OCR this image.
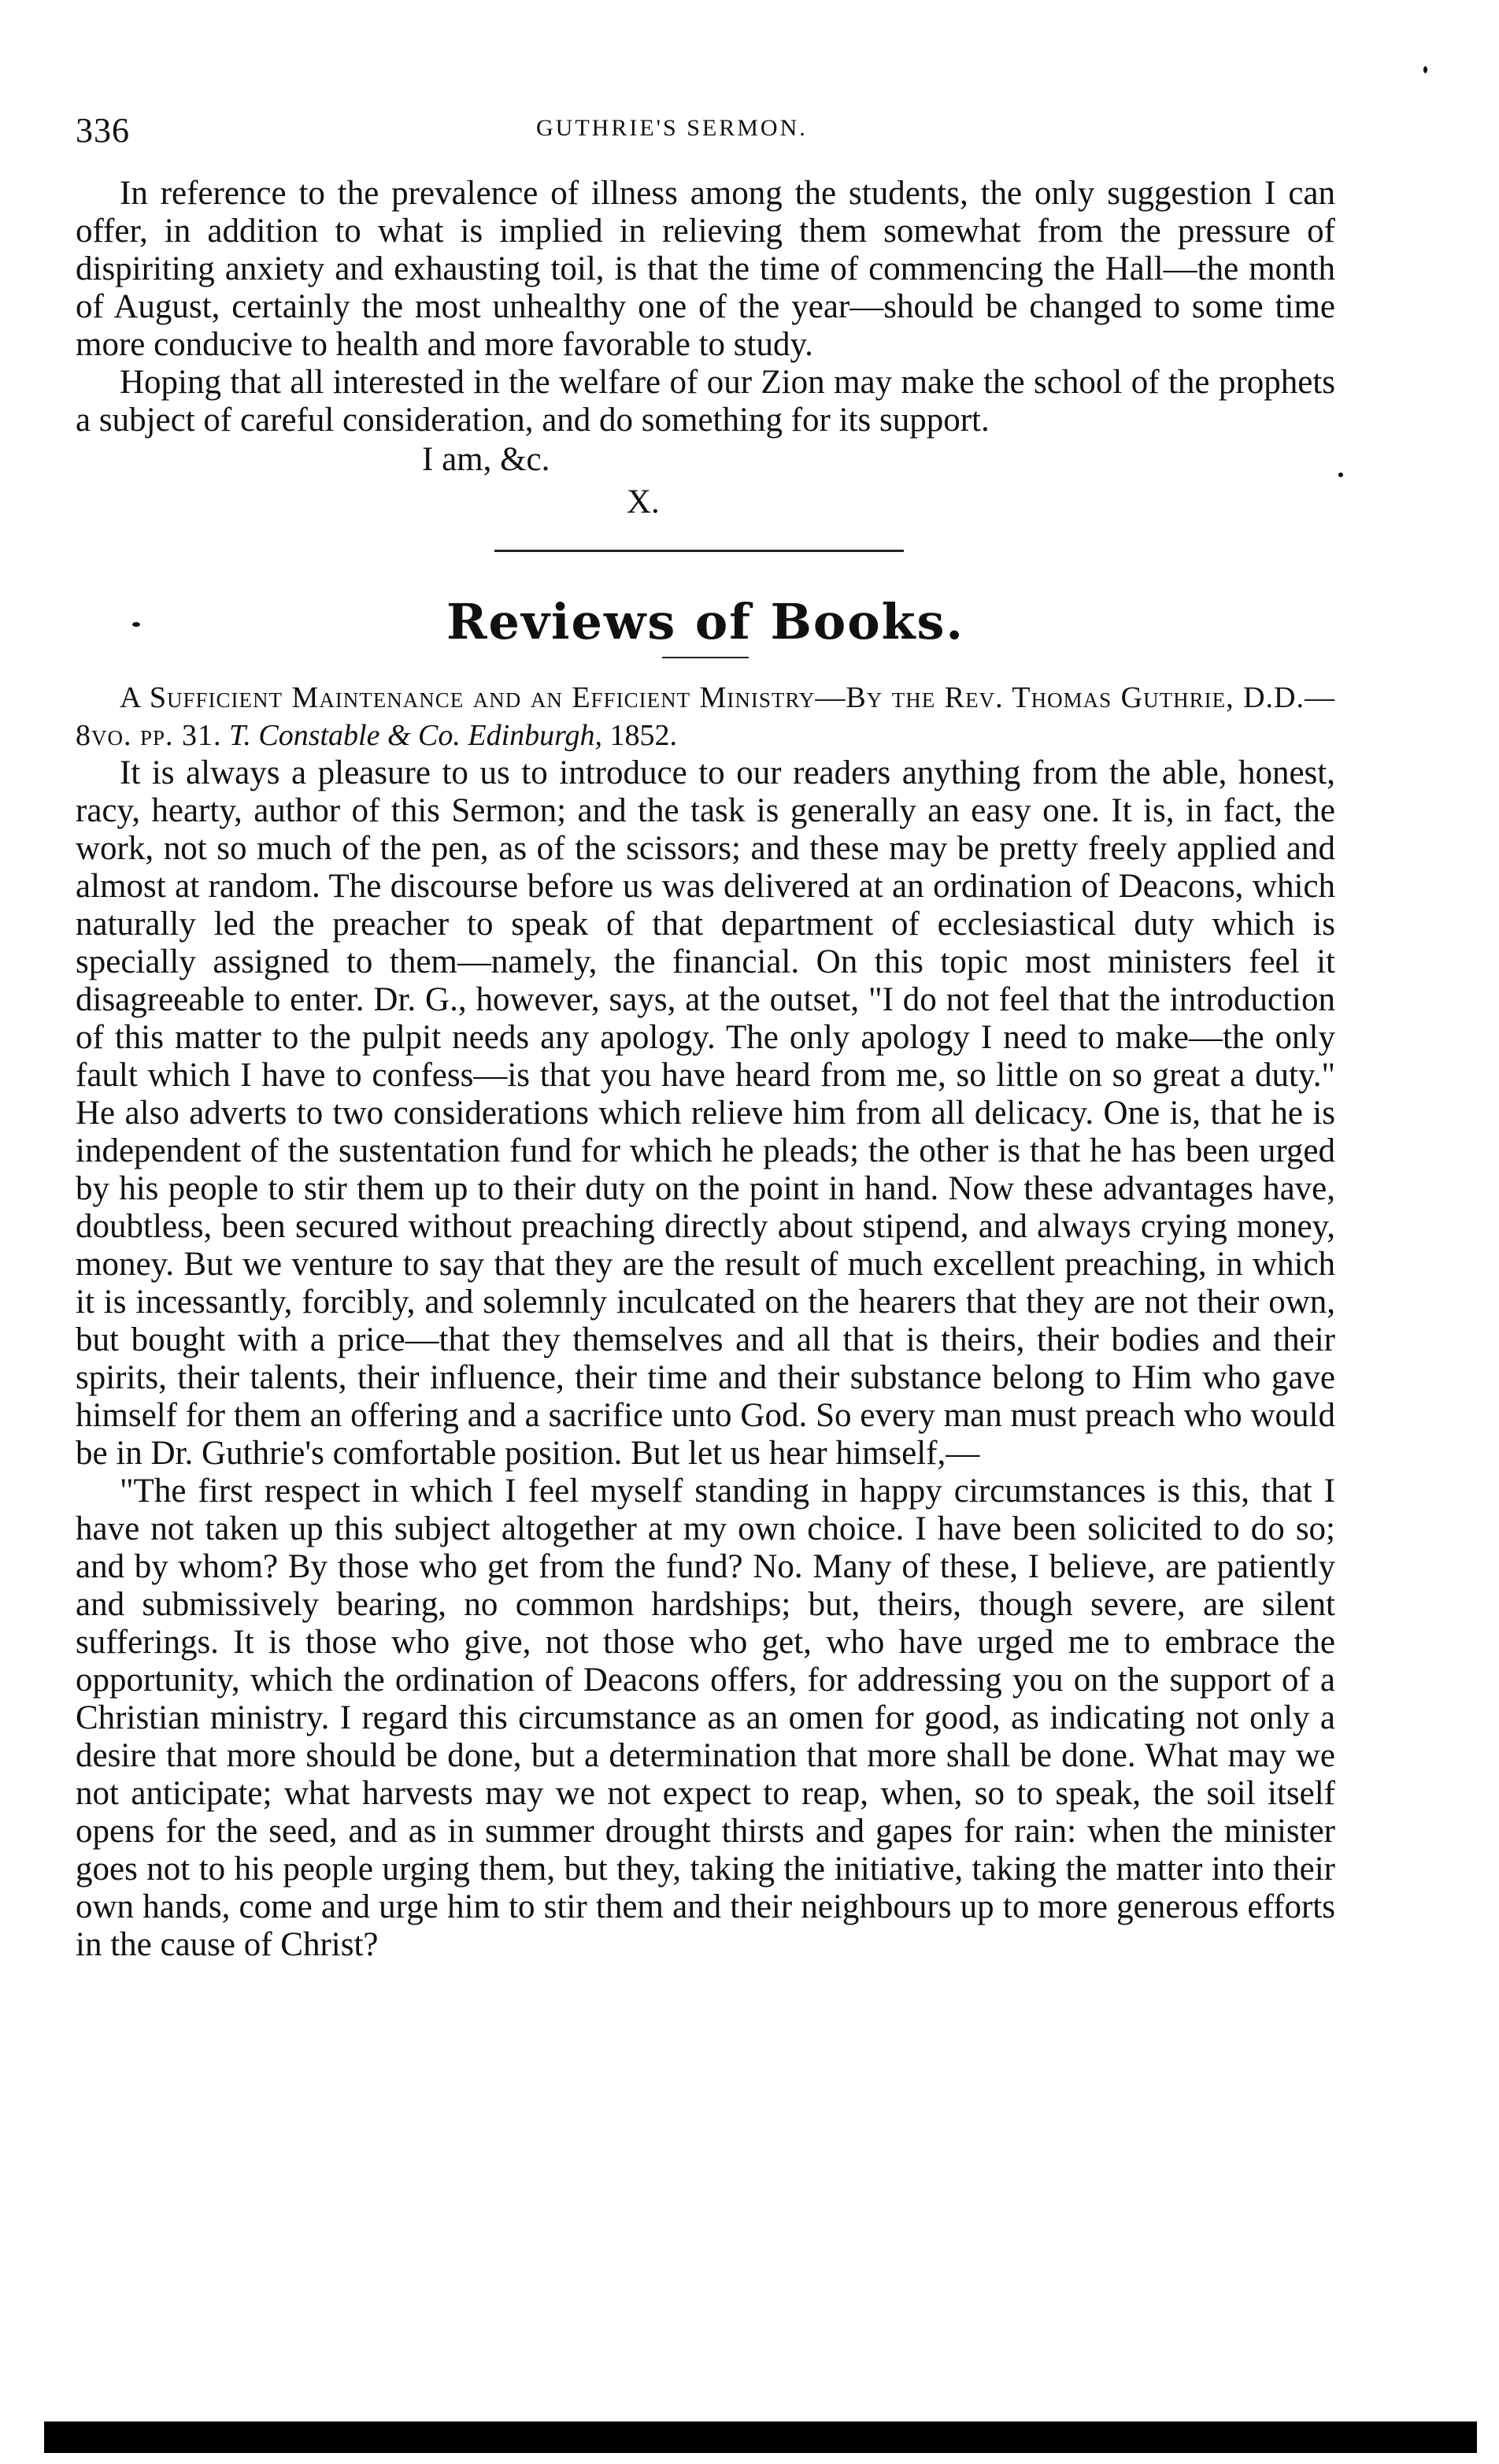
336	GUTHRIE'S SERMON.

In reference to the prevalence of illness among the students, the only suggestion I can offer, in addition to what is implied in relieving them somewhat from the pressure of dispiriting anxiety and exhausting toil, is that the time of commencing the Hall—the month of August, certainly the most unhealthy one of the year—should be changed to some time more conducive to health and more favorable to study.

Hoping that all interested in the welfare of our Zion may make the school of the prophets a subject of careful consideration, and do something for its support.

I am, &c.
X.
Reviews of Books.

A Sufficient Maintenance and an Efficient Ministry—By the Rev. Thomas Guthrie, D.D.—8vo. pp. 31. T. Constable & Co. Edinburgh, 1852.

It is always a pleasure to us to introduce to our readers anything from the able, honest, racy, hearty, author of this Sermon; and the task is generally an easy one. It is, in fact, the work, not so much of the pen, as of the scissors; and these may be pretty freely applied and almost at random. The discourse before us was delivered at an ordination of Deacons, which naturally led the preacher to speak of that department of ecclesiastical duty which is specially assigned to them—namely, the financial. On this topic most ministers feel it disagreeable to enter. Dr. G., however, says, at the outset, "I do not feel that the introduction of this matter to the pulpit needs any apology. The only apology I need to make—the only fault which I have to confess—is that you have heard from me, so little on so great a duty." He also adverts to two considerations which relieve him from all delicacy. One is, that he is independent of the sustentation fund for which he pleads; the other is that he has been urged by his people to stir them up to their duty on the point in hand. Now these advantages have, doubtless, been secured without preaching directly about stipend, and always crying money, money. But we venture to say that they are the result of much excellent preaching, in which it is incessantly, forcibly, and solemnly inculcated on the hearers that they are not their own, but bought with a price—that they themselves and all that is theirs, their bodies and their spirits, their talents, their influence, their time and their substance belong to Him who gave himself for them an offering and a sacrifice unto God. So every man must preach who would be in Dr. Guthrie's comfortable position. But let us hear himself,—

"The first respect in which I feel myself standing in happy circumstances is this, that I have not taken up this subject altogether at my own choice. I have been solicited to do so; and by whom? By those who get from the fund? No. Many of these, I believe, are patiently and submissively bearing, no common hardships; but, theirs, though severe, are silent sufferings. It is those who give, not those who get, who have urged me to embrace the opportunity, which the ordination of Deacons offers, for addressing you on the support of a Christian ministry. I regard this circumstance as an omen for good, as indicating not only a desire that more should be done, but a determination that more shall be done. What may we not anticipate; what harvests may we not expect to reap, when, so to speak, the soil itself opens for the seed, and as in summer drought thirsts and gapes for rain: when the minister goes not to his people urging them, but they, taking the initiative, taking the matter into their own hands, come and urge him to stir them and their neighbours up to more generous efforts in the cause of Christ?
